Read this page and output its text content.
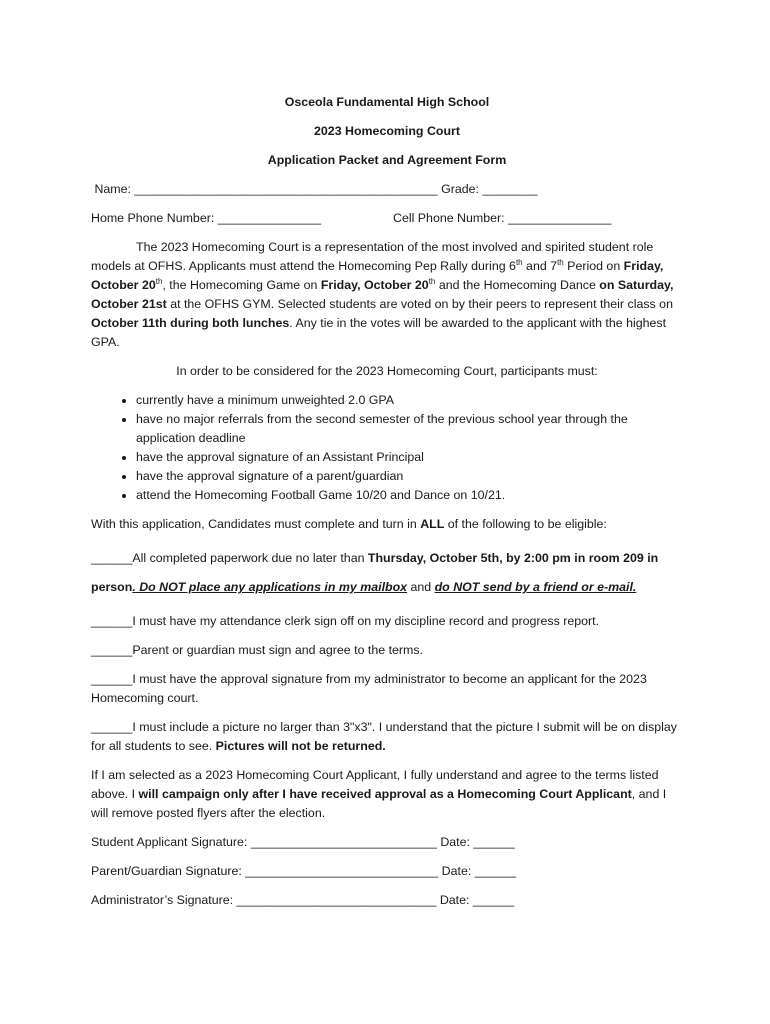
Osceola Fundamental High School
2023 Homecoming Court
Application Packet and Agreement Form
Name: ____________________________________________ Grade: ________
Home Phone Number: _______________	Cell Phone Number: _______________
The 2023 Homecoming Court is a representation of the most involved and spirited student role models at OFHS. Applicants must attend the Homecoming Pep Rally during 6th and 7th Period on Friday, October 20th, the Homecoming Game on Friday, October 20th and the Homecoming Dance on Saturday, October 21st at the OFHS GYM. Selected students are voted on by their peers to represent their class on October 11th during both lunches. Any tie in the votes will be awarded to the applicant with the highest GPA.
In order to be considered for the 2023 Homecoming Court, participants must:
• currently have a minimum unweighted 2.0 GPA
• have no major referrals from the second semester of the previous school year through the application deadline
• have the approval signature of an Assistant Principal
• have the approval signature of a parent/guardian
• attend the Homecoming Football Game 10/20 and Dance on 10/21.
With this application, Candidates must complete and turn in ALL of the following to be eligible:
______All completed paperwork due no later than Thursday, October 5th, by 2:00 pm in room 209 in person. Do NOT place any applications in my mailbox and do NOT send by a friend or e-mail.
______I must have my attendance clerk sign off on my discipline record and progress report.
______Parent or guardian must sign and agree to the terms.
______I must have the approval signature from my administrator to become an applicant for the 2023 Homecoming court.
______I must include a picture no larger than 3"x3". I understand that the picture I submit will be on display for all students to see. Pictures will not be returned.
If I am selected as a 2023 Homecoming Court Applicant, I fully understand and agree to the terms listed above. I will campaign only after I have received approval as a Homecoming Court Applicant, and I will remove posted flyers after the election.
Student Applicant Signature: ___________________________ Date: ______
Parent/Guardian Signature: ____________________________ Date: ______
Administrator’s Signature: _____________________________ Date: ______
